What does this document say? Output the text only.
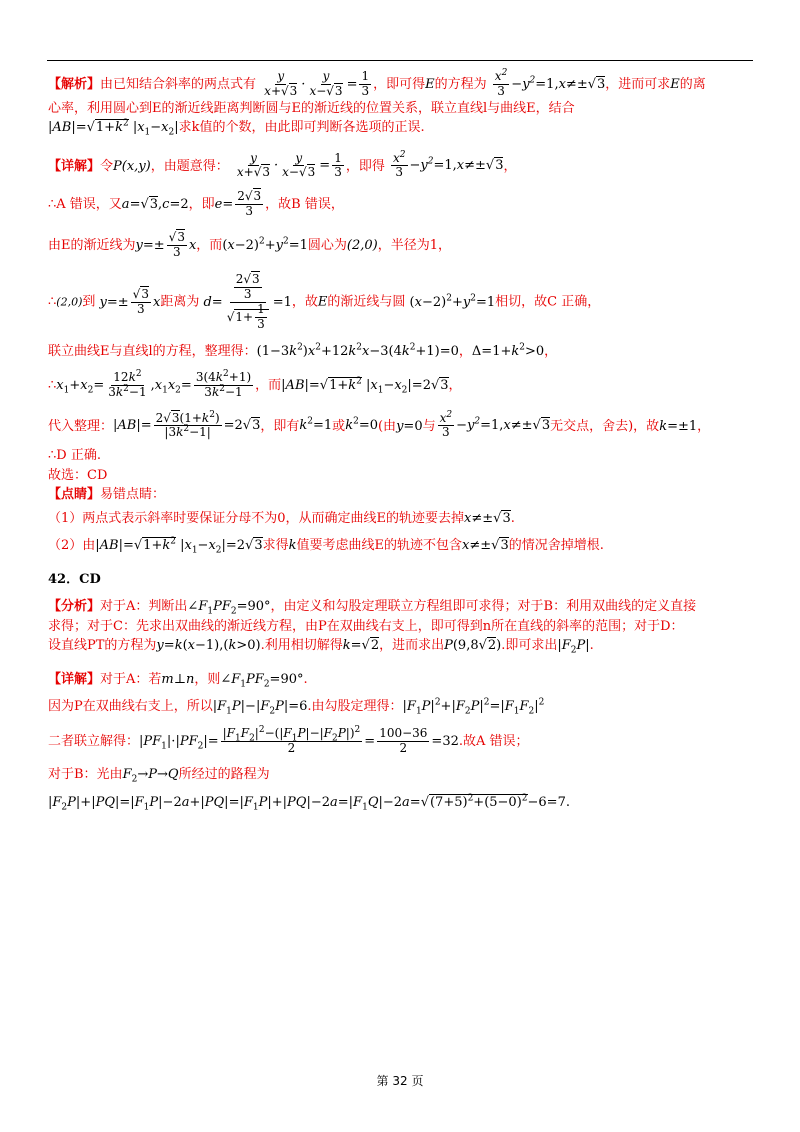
【解析】由已知结合斜率的两点式有 $\frac{y}{x+√3} \cdot \frac{y}{x-√3} = \frac{1}{3}$ ，即可得E的方程为 $\frac{x^2}{3} -y^2=1,x\ne\pm√3$，进而可求E的离
心率，利用圆心到E的渐近线距离判断圆与E的渐近线的位置关系，联立直线l与曲线E，结合
$|AB|=√1+k^2$ $|x_1-x_2|$求k值的个数，由此即可判断各选项的正误.
【详解】令P(x,y)，由题意得： $\frac{y}{x+√3} \cdot \frac{y}{x-√3} = \frac{1}{3}$ ，即得 $\frac{x^2}{3} -y^2=1,x\ne\pm√3$，
∴A 错误，又a=√3,c=2，即$e= \frac{2√3}{3}$ ，故B 错误，
由E的渐近线为$y=\pm \frac{√3}{3}$ x，而$(x-2)^2+y^2=1$圆心为(2,0)，半径为1，
∴(2,0)到 $y=\pm \frac{√3}{3}$ x距离为 $d= \frac{\frac{2√3}{3}}{√1+ \frac{1}{3}} =1$，故E的渐近线与圆 $(x-2)^2+y^2=1$相切，故C 正确，
联立曲线E与直线l的方程，整理得：$(1-3k^2)x^2+12k^2x-3(4k^2+1)=0$，$\Delta=1+k^2>0$，
$\therefore x_1+x_2= \frac{12k^2}{3k^2-1} ,x_1x_2= \frac{3(4k^2+1)}{3k^2-1}$ ，而$|AB|=√1+k^2$ $|x_1-x_2|=2√3$，
代入整理：$|AB|= \frac{2√3(1+k^2)}{|3k^2-1|} =2√3$，即有$k^2=1$或$k^2=0$(由y=0与 $\frac{x^2}{3} -y^2=1,x\ne\pm√3$无交点，舍去)，故k=±1，
∴D 正确.
故选：CD
【点睛】易错点睛：
（1）两点式表示斜率时要保证分母不为0，从而确定曲线E的轨迹要去掉x≠±√3.
（2）由$|AB|=√1+k^2$ $|x_1-x_2|=2√3$求得k值要考虑曲线E的轨迹不包含x≠±√3的情况舍掉增根.
42．CD
【分析】对于A：判断出$\angle F_1PF_2=90^\circ$，由定义和勾股定理联立方程组即可求得；对于B：利用双曲线的定义直接
求得；对于C：先求出双曲线的渐近线方程，由P在双曲线右支上，即可得到n所在直线的斜率的范围；对于D：
设直线PT的方程为y=k(x−1),(k>0).利用相切解得k=√2，进而求出P(9,8√2).即可求出$|F_2P|$.
【详解】对于A：若m⊥n，则$\angle F_1PF_2=90^\circ$.
因为P在双曲线右支上，所以$|F_1P|-|F_2P|=6$.由勾股定理得：$|F_1P|^2+|F_2P|^2=|F_1F_2|^2$
二者联立解得：$|PF_1|\cdot|PF_2|= \frac{|F_1F_2|^2-(|F_1P|-|F_2P|)^2}{2} = \frac{100-36}{2} =32$.故A 错误；
对于B：光由$F_2\to P\to Q$所经过的路程为
$|F_2P|+|PQ|=|F_1P|-2a+|PQ|=|F_1P|+|PQ|-2a=|F_1Q|-2a=√(7+5)^2+(5-0)^2-6=7$.
第 32 页
